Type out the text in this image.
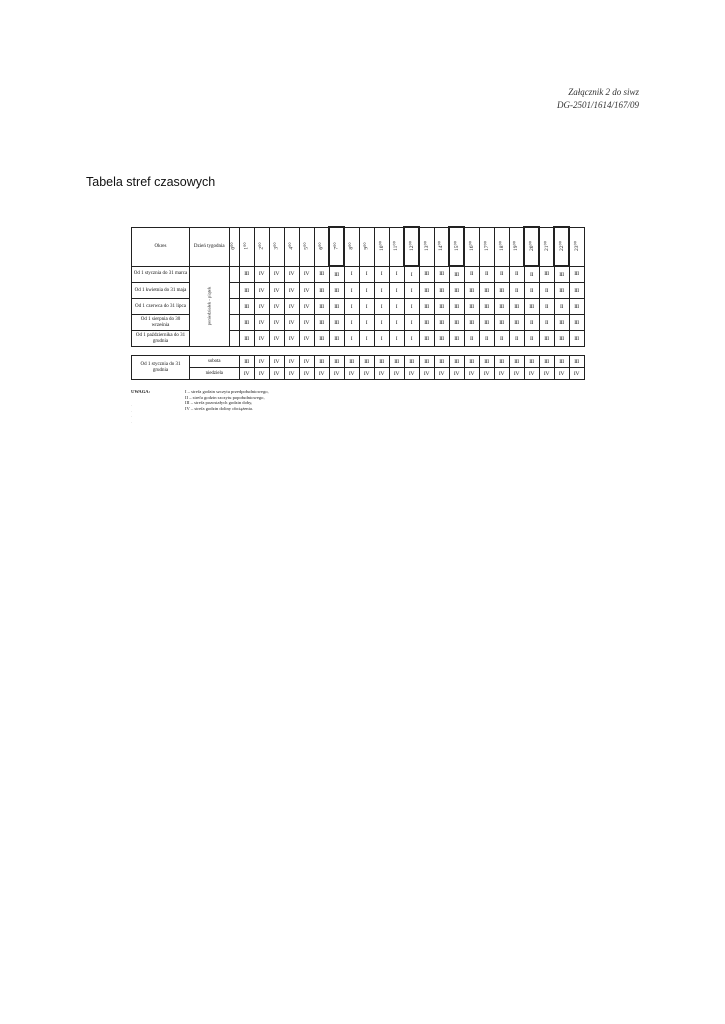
Załącznik 2 do siwz
DG-2501/1614/167/09
Tabela stref czasowych
Okres	Dzień tygodnia	0⁰⁰	1⁰⁰	2⁰⁰	3⁰⁰	4⁰⁰	5⁰⁰	6⁰⁰	7⁰⁰	8⁰⁰	9⁰⁰	10⁰⁰	11⁰⁰	12⁰⁰	13⁰⁰	14⁰⁰	15⁰⁰	16⁰⁰	17⁰⁰	18⁰⁰	19⁰⁰	20⁰⁰	21⁰⁰	22⁰⁰	23⁰⁰
Od 1 stycznia do 31 marca	poniedziałek - piątek		III	IV	IV	IV	IV	III	III	I	I	I	I	I	III	III	III	II	II	II	II	II	III	III	III
Od 1 kwietnia do 31 maja			III	IV	IV	IV	IV	III	III	I	I	I	I	I	III	III	III	III	III	III	II	II	II	III	III
Od 1 czerwca do 31 lipca			III	IV	IV	IV	IV	III	III	I	I	I	I	I	III	III	III	III	III	III	III	III	II	II	III
Od 1 sierpnia do 30 września			III	IV	IV	IV	IV	III	III	I	I	I	I	I	III	III	III	III	III	III	III	II	II	III	III
Od 1 października do 31 grudnia			III	IV	IV	IV	IV	III	III	I	I	I	I	I	III	III	III	II	II	II	II	II	III	III	III

Od 1 stycznia do 31 grudnia	sobota		III	IV	IV	IV	IV	III	III	III	III	III	III	III	III	III	III	III	III	III	III	III	III	III	III
	niedziela		IV	IV	IV	IV	IV	IV	IV	IV	IV	IV	IV	IV	IV	IV	IV	IV	IV	IV	IV	IV	IV	IV	IV
UWAGA:	I – strefa godzin szczytu przedpołudniowego,
II – strefa godzin szczytu popołudniowego,
III – strefa pozostałych godzin doby,
IV – strefa godzin doliny obciążenia.
· · · ·
